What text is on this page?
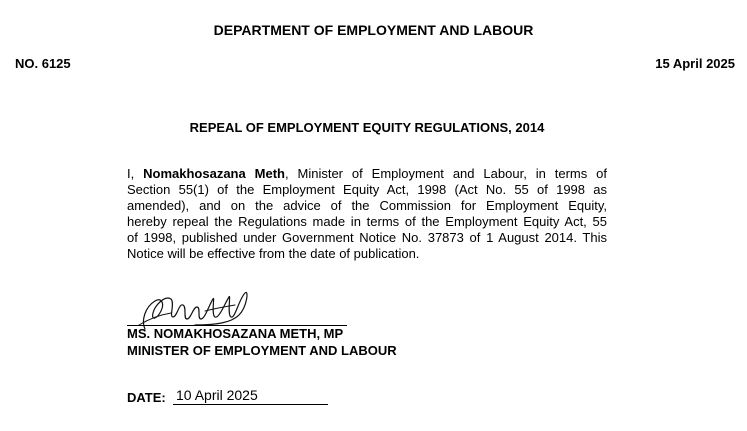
DEPARTMENT OF EMPLOYMENT AND LABOUR
NO. 6125	15 April 2025
REPEAL OF EMPLOYMENT EQUITY REGULATIONS, 2014
I, Nomakhosazana Meth, Minister of Employment and Labour, in terms of
Section 55(1) of the Employment Equity Act, 1998 (Act No. 55 of 1998 as
amended), and on the advice of the Commission for Employment Equity,
hereby repeal the Regulations made in terms of the Employment Equity Act, 55
of 1998, published under Government Notice No. 37873 of 1 August 2014. This
Notice will be effective from the date of publication.
MS. NOMAKHOSAZANA METH, MP
MINISTER OF EMPLOYMENT AND LABOUR
DATE: 10 April 2025
